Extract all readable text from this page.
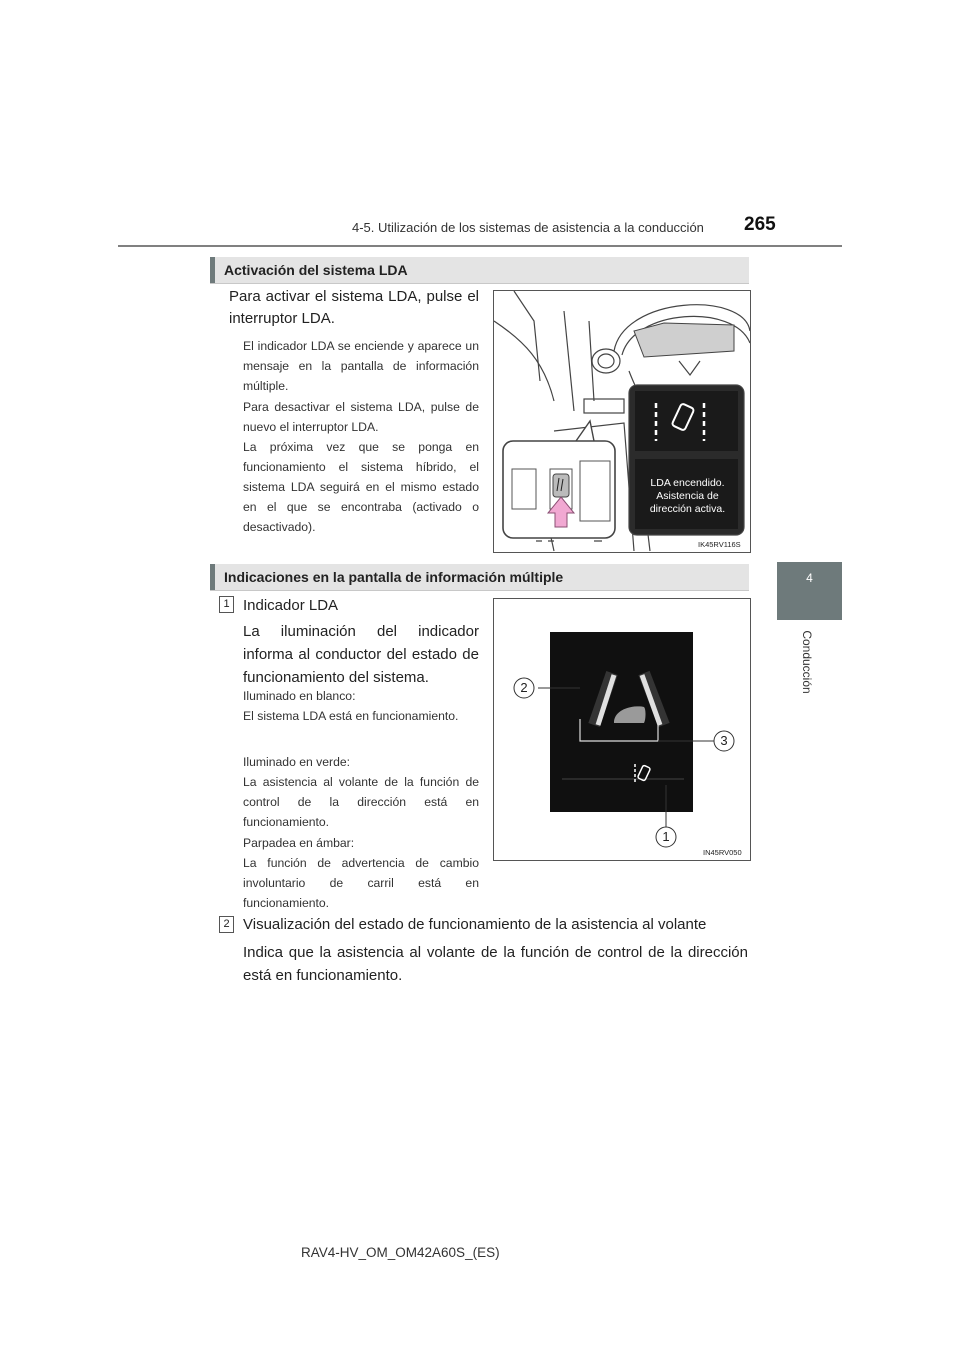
4-5. Utilización de los sistemas de asistencia a la conducción 265
4
Conducción
Activación del sistema LDA
Para activar el sistema LDA, pulse el interruptor LDA.
El indicador LDA se enciende y aparece un mensaje en la pantalla de información múltiple.
Para desactivar el sistema LDA, pulse de nuevo el interruptor LDA.
La próxima vez que se ponga en funcionamiento el sistema híbrido, el sistema LDA seguirá en el mismo estado en el que se encontraba (activado o desactivado).
LDA encendido.
Asistencia de
dirección activa.
IK45RV116S
Indicaciones en la pantalla de información múltiple
1 Indicador LDA
La iluminación del indicador informa al conductor del estado de funcionamiento del sistema.
Iluminado en blanco:
El sistema LDA está en funcionamiento.
Iluminado en verde:
La asistencia al volante de la función de control de la dirección está en funcionamiento.
Parpadea en ámbar:
La función de advertencia de cambio involuntario de carril está en funcionamiento.
2
3
1
IN45RV050
2 Visualización del estado de funcionamiento de la asistencia al volante
Indica que la asistencia al volante de la función de control de la dirección está en funcionamiento.
RAV4-HV_OM_OM42A60S_(ES)
